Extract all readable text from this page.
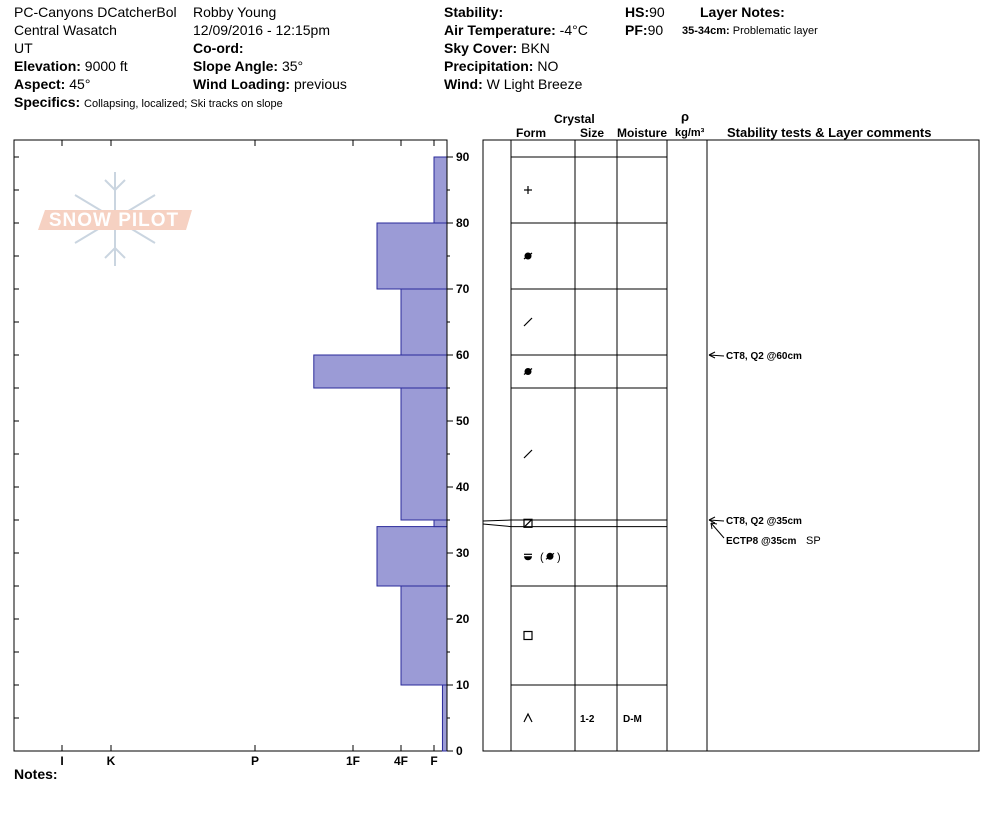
PC-Canyons DCatcherBol
Central Wasatch
UT
Elevation: 9000 ft
Aspect: 45°
Specifics: Collapsing, localized; Ski tracks on slope
Robby Young
12/09/2016 - 12:15pm
Co-ord:
Slope Angle: 35°
Wind Loading: previous
Stability:
Air Temperature: -4°C
Sky Cover: BKN
Precipitation: NO
Wind: W Light Breeze
HS:90
PF:90
Layer Notes:
35-34cm: Problematic layer
Crystal
Form	Size Moisture
ρ
kg/m³ Stability tests & Layer comments
Notes:
SNOW PILOT
I	K	P	1F	4F F
0
10
20
30
40
50
60
70
80
90
1-2	D-M
( )
CT8, Q2 @60cm
CT8, Q2 @35cm
ECTP8 @35cm SP
